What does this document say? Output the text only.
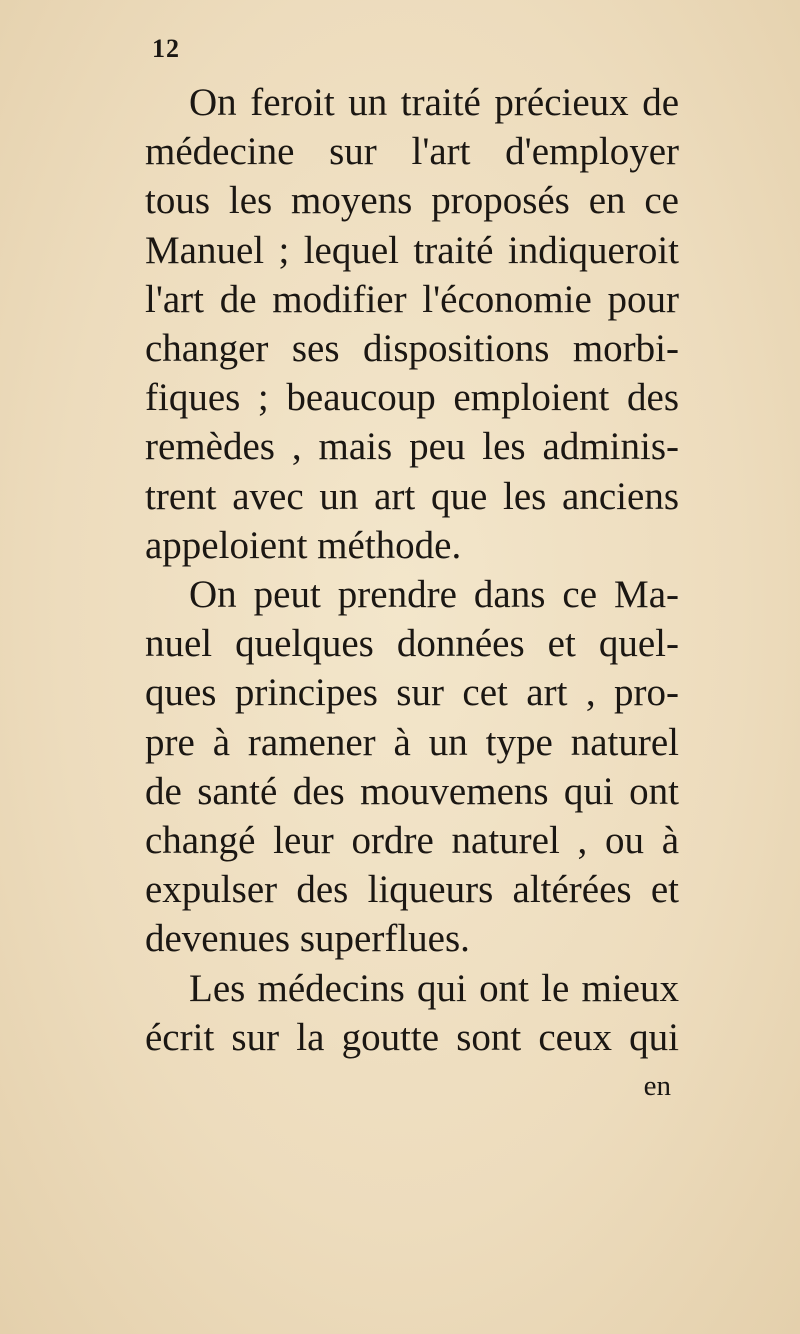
12
On feroit un traité précieux de
médecine sur l'art d'employer
tous les moyens proposés en ce
Manuel ; lequel traité indiqueroit
l'art de modifier l'économie pour
changer ses dispositions morbi-
fiques ; beaucoup emploient des
remèdes , mais peu les adminis-
trent avec un art que les anciens
appeloient méthode.
On peut prendre dans ce Ma-
nuel quelques données et quel-
ques principes sur cet art , pro-
pre à ramener à un type naturel
de santé des mouvemens qui ont
changé leur ordre naturel , ou à
expulser des liqueurs altérées et
devenues superflues.
Les médecins qui ont le mieux
écrit sur la goutte sont ceux qui
en
